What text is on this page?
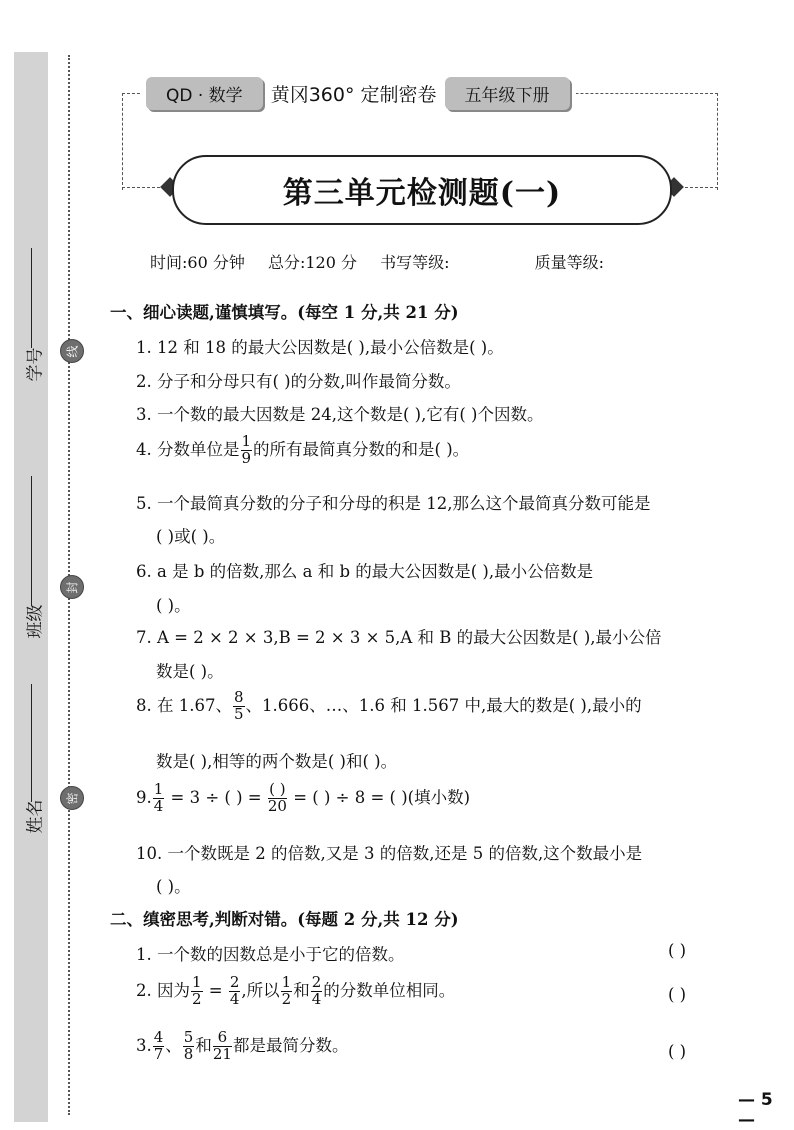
学号
班级
姓名
线
封
密
QD · 数学	黄冈360° 定制密卷	五年级下册
第三单元检测题(一)
时间:60 分钟 总分:120 分 书写等级:	质量等级:
一、细心读题,谨慎填写。(每空 1 分,共 21 分)
1. 12 和 18 的最大公因数是( ),最小公倍数是( )。
2. 分子和分母只有( )的分数,叫作最简分数。
3. 一个数的最大因数是 24,这个数是( ),它有( )个因数。
4. 分数单位是 $\frac{1}{9}$ 的所有最简真分数的和是( )。
5. 一个最简真分数的分子和分母的积是 12,那么这个最简真分数可能是
( )或( )。
6. a 是 b 的倍数,那么 a 和 b 的最大公因数是( ),最小公倍数是
( )。
7. A = 2 × 2 × 3,B = 2 × 3 × 5,A 和 B 的最大公因数是( ),最小公倍
数是( )。
8. 在 1.67、 $\frac{8}{5}$ 、1.666、…、1.6 和 1.567 中,最大的数是( ),最小的
数是( ),相等的两个数是( )和( )。
9. $\frac{1}{4} = 3$ ÷ ( ) = $\frac{( )}{20}$ = ( ) ÷ 8 = ( )(填小数)
10. 一个数既是 2 的倍数,又是 3 的倍数,还是 5 的倍数,这个数最小是
( )。
二、缜密思考,判断对错。(每题 2 分,共 12 分)
1. 一个数的因数总是小于它的倍数。	( )
2. 因为 $\frac{1}{2} = \frac{2}{4}$ ,所以 $\frac{1}{2}$ 和 $\frac{2}{4}$ 的分数单位相同。	( )
3. $\frac{4}{7}$ 、 $\frac{5}{8}$ 和 $\frac{6}{21}$ 都是最简分数。	( )
— 5 —
